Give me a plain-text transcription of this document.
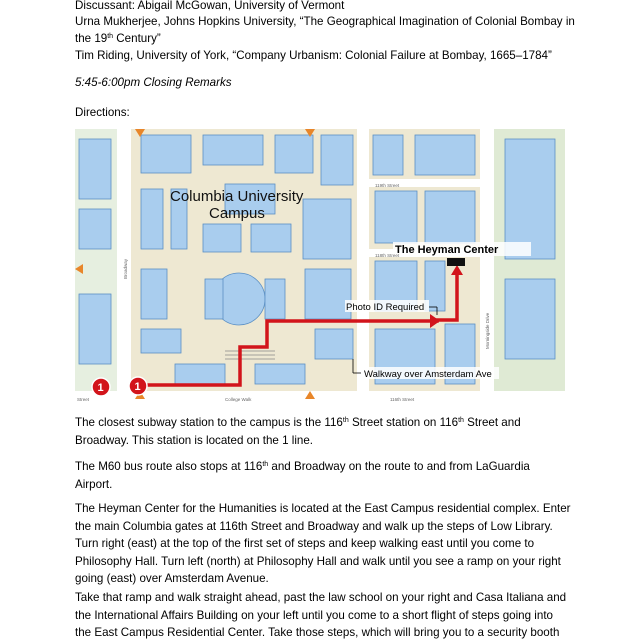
Discussant: Abigail McGowan, University of Vermont
Urna Mukherjee, Johns Hopkins University, “The Geographical Imagination of Colonial Bombay in
the 19th Century”
Tim Riding, University of York, “Company Urbanism: Colonial Failure at Bombay, 1665–1784”
5:45-6:00pm Closing Remarks
Directions:
Columbia University
Campus
The Heyman Center
Photo ID Required
Walkway over Amsterdam Ave
119th Street
118th Street
116th Street
Street	College Walk
Broadway
Morningside Drive
1	1
The closest subway station to the campus is the 116th Street station on 116th Street and
Broadway. This station is located on the 1 line.
The M60 bus route also stops at 116th and Broadway on the route to and from LaGuardia
Airport.
The Heyman Center for the Humanities is located at the East Campus residential complex. Enter
the main Columbia gates at 116th Street and Broadway and walk up the steps of Low Library.
Turn right (east) at the top of the first set of steps and keep walking east until you come to
Philosophy Hall. Turn left (north) at Philosophy Hall and walk until you see a ramp on your right
going (east) over Amsterdam Avenue.
Take that ramp and walk straight ahead, past the law school on your right and Casa Italiana and
the International Affairs Building on your left until you come to a short flight of steps going into
the East Campus Residential Center. Take those steps, which will bring you to a security booth
